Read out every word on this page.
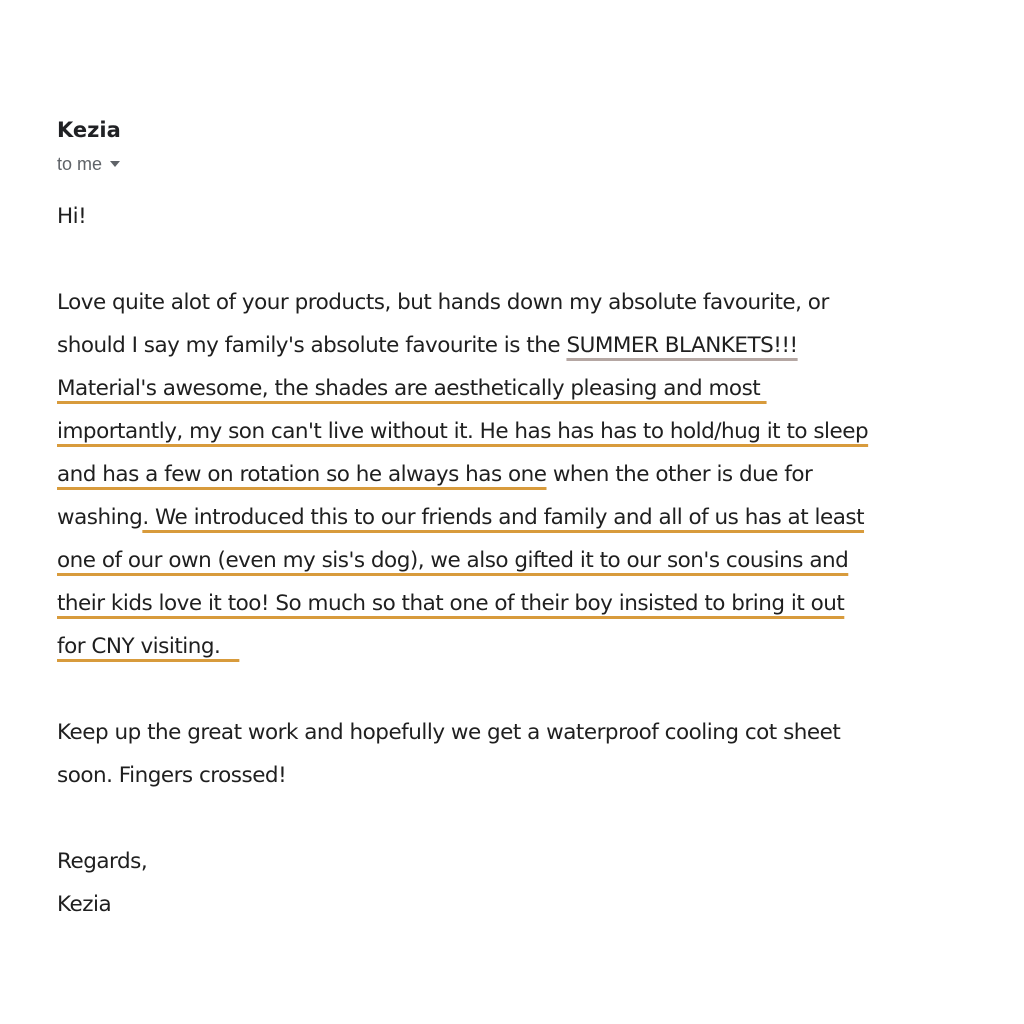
Kezia
to me
Hi!
Love quite alot of your products, but hands down my absolute favourite, or
should I say my family's absolute favourite is the SUMMER BLANKETS!!!
Material's awesome, the shades are aesthetically pleasing and most
importantly, my son can't live without it. He has has has to hold/hug it to sleep
and has a few on rotation so he always has one when the other is due for
washing. We introduced this to our friends and family and all of us has at least
one of our own (even my sis's dog), we also gifted it to our son's cousins and
their kids love it too! So much so that one of their boy insisted to bring it out
for CNY visiting.
Keep up the great work and hopefully we get a waterproof cooling cot sheet
soon. Fingers crossed!
Regards,
Kezia
